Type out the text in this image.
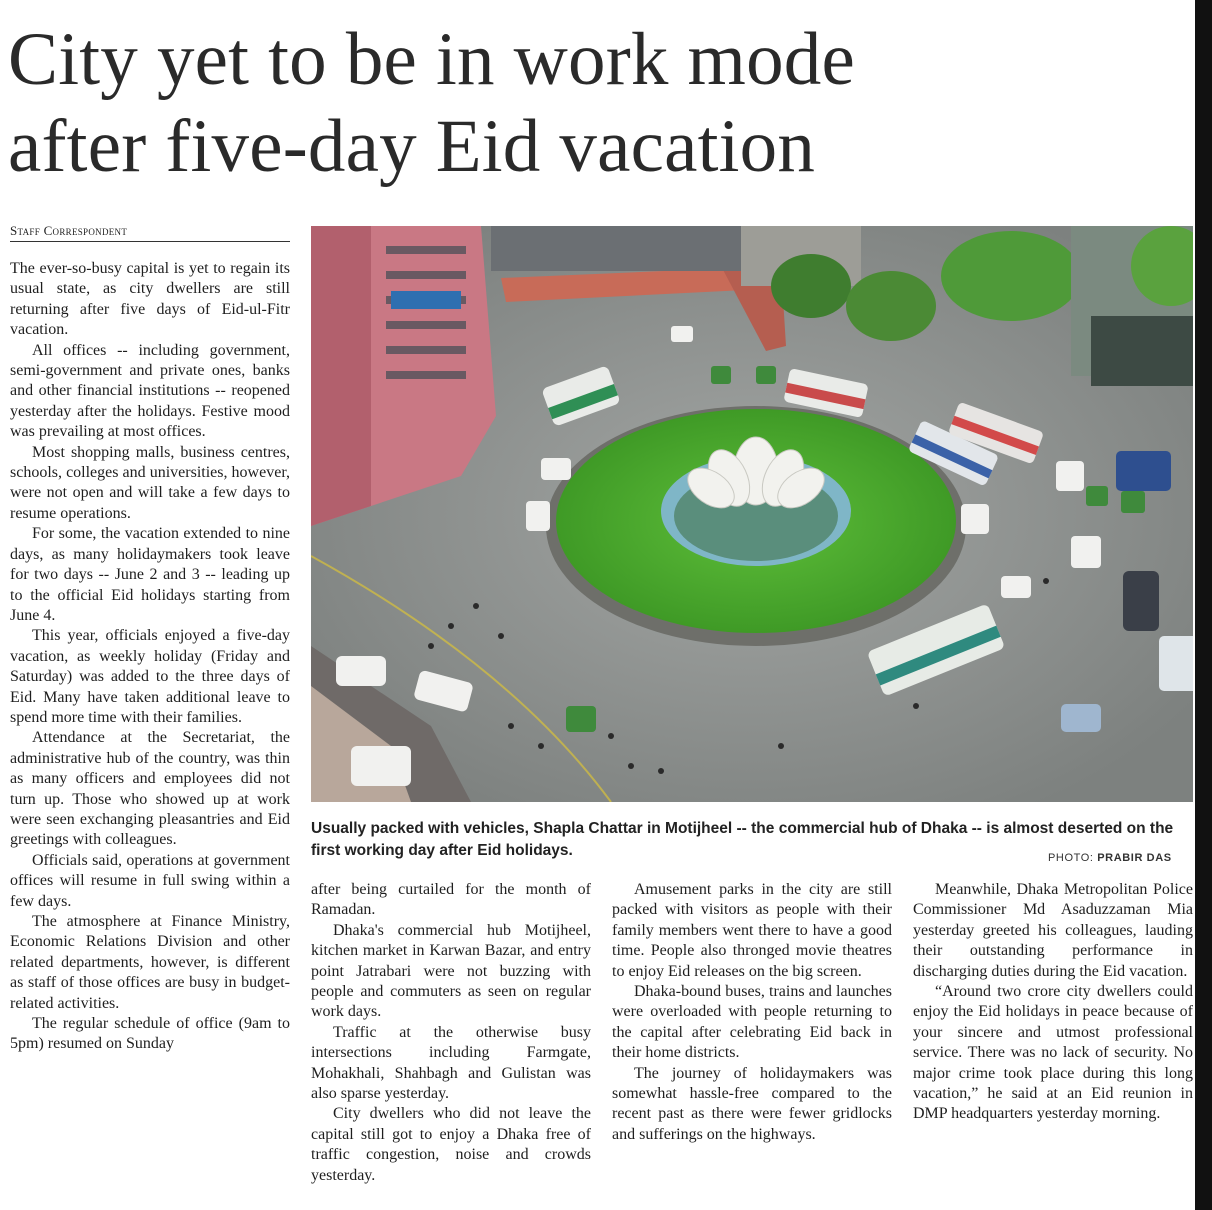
City yet to be in work mode
after five-day Eid vacation
Staff Correspondent

The ever-so-busy capital is yet to regain its usual state, as city dwellers are still returning after five days of Eid-ul-Fitr vacation.

All offices -- including government, semi-government and private ones, banks and other financial institutions -- reopened yesterday after the holidays. Festive mood was prevailing at most offices.

Most shopping malls, business centres, schools, colleges and universities, however, were not open and will take a few days to resume operations.

For some, the vacation extended to nine days, as many holidaymakers took leave for two days -- June 2 and 3 -- leading up to the official Eid holidays starting from June 4.

This year, officials enjoyed a five-day vacation, as weekly holiday (Friday and Saturday) was added to the three days of Eid. Many have taken additional leave to spend more time with their families.

Attendance at the Secretariat, the administrative hub of the country, was thin as many officers and employees did not turn up. Those who showed up at work were seen exchanging pleasantries and Eid greetings with colleagues.

Officials said, operations at government offices will resume in full swing within a few days.

The atmosphere at Finance Ministry, Economic Relations Division and other related departments, however, is different as staff of those offices are busy in budget-related activities.

The regular schedule of office (9am to 5pm) resumed on Sunday

Usually packed with vehicles, Shapla Chattar in Motijheel -- the commercial hub of Dhaka -- is almost deserted on the first working day after Eid holidays.	PHOTO: PRABIR DAS

after being curtailed for the month of Ramadan.

Dhaka's commercial hub Motijheel, kitchen market in Karwan Bazar, and entry point Jatrabari were not buzzing with people and commuters as seen on regular work days.

Traffic at the otherwise busy intersections including Farmgate, Mohakhali, Shahbagh and Gulistan was also sparse yesterday.

City dwellers who did not leave the capital still got to enjoy a Dhaka free of traffic congestion, noise and crowds yesterday.

Amusement parks in the city are still packed with visitors as people with their family members went there to have a good time. People also thronged movie theatres to enjoy Eid releases on the big screen.

Dhaka-bound buses, trains and launches were overloaded with people returning to the capital after celebrating Eid back in their home districts.

The journey of holidaymakers was somewhat hassle-free compared to the recent past as there were fewer gridlocks and sufferings on the highways.

Meanwhile, Dhaka Metropolitan Police Commissioner Md Asaduzzaman Mia yesterday greeted his colleagues, lauding their outstanding performance in discharging duties during the Eid vacation.

“Around two crore city dwellers could enjoy the Eid holidays in peace because of your sincere and utmost professional service. There was no lack of security. No major crime took place during this long vacation,” he said at an Eid reunion in DMP headquarters yesterday morning.
